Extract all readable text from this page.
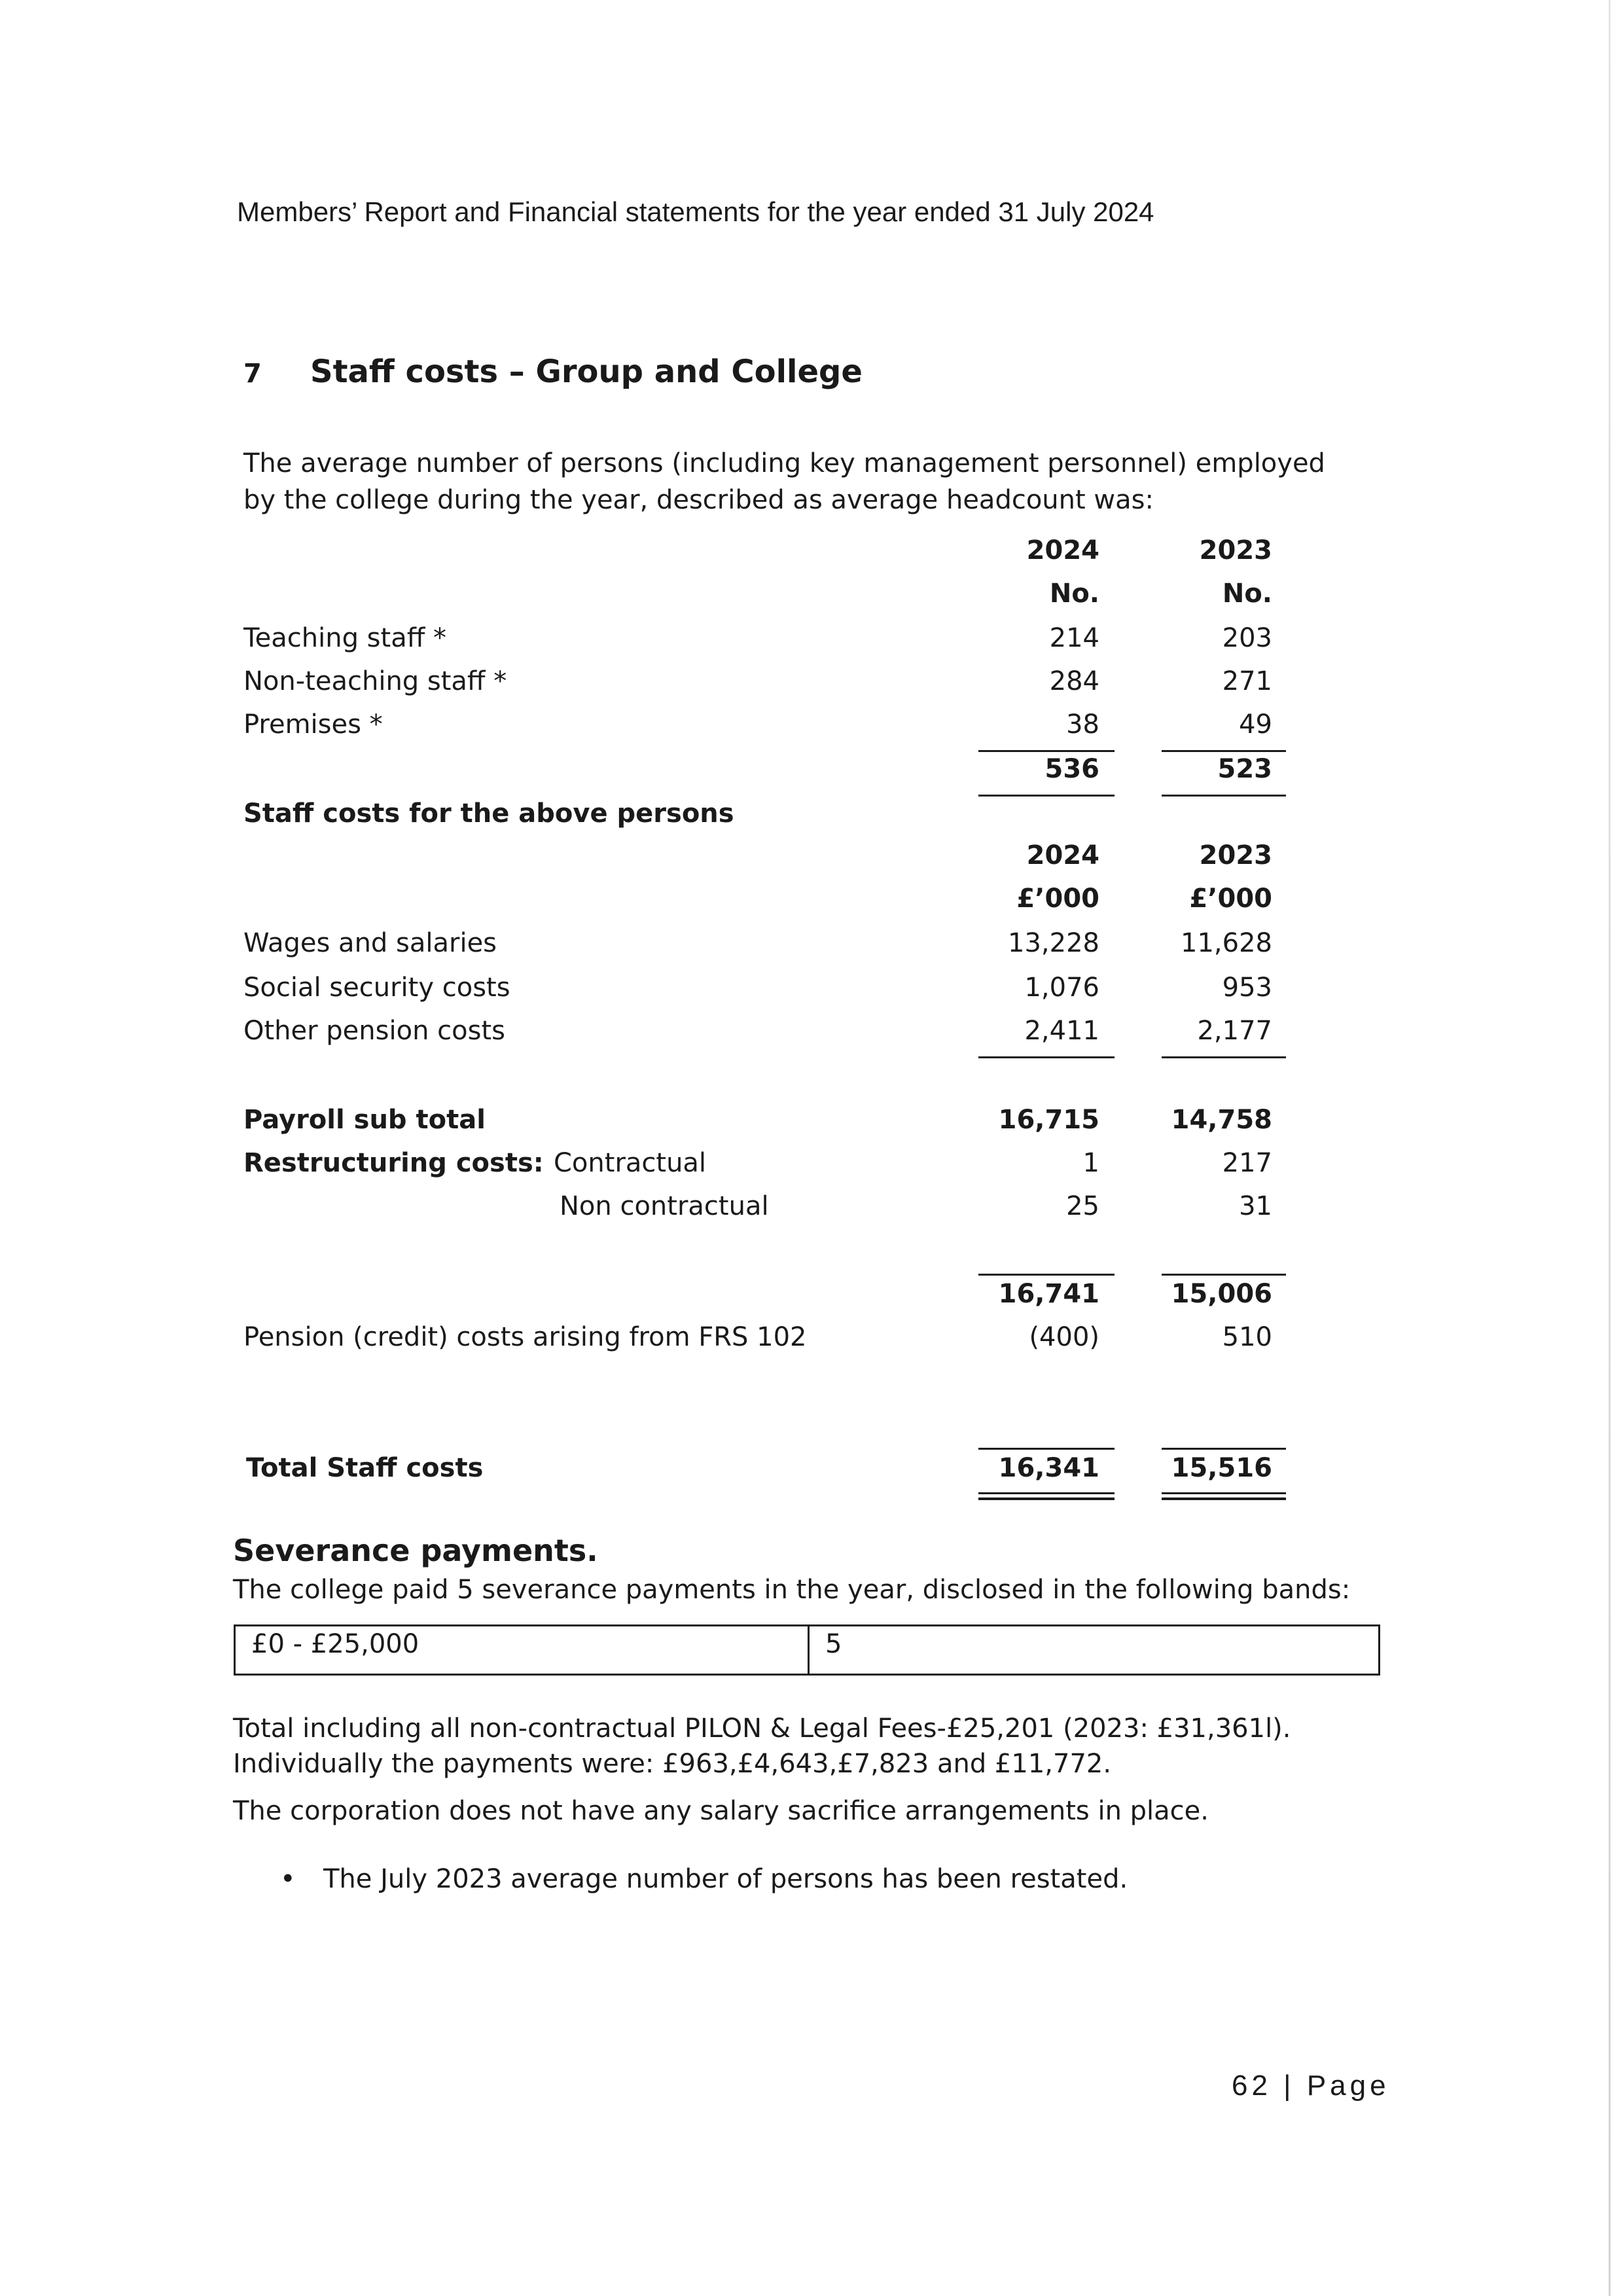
Members’ Report and Financial statements for the year ended 31 July 2024
7 Staff costs – Group and College
The average number of persons (including key management personnel) employed by the college during the year, described as average headcount was:
2024	2023
No.	No.
Teaching staff *	214	203
Non-teaching staff *	284	271
Premises *	38	49
536	523
Staff costs for the above persons
2024	2023
£’000	£’000
Wages and salaries	13,228	11,628
Social security costs	1,076	953
Other pension costs	2,411	2,177
Payroll sub total	16,715	14,758
Restructuring costs: Contractual	1	217
Non contractual	25	31
16,741	15,006
Pension (credit) costs arising from FRS 102	(400)	510
Total Staff costs	16,341	15,516
Severance payments.
The college paid 5 severance payments in the year, disclosed in the following bands:
£0 - £25,000	5
Total including all non-contractual PILON & Legal Fees-£25,201 (2023: £31,361l).
Individually the payments were: £963,£4,643,£7,823 and £11,772.
The corporation does not have any salary sacrifice arrangements in place.
• The July 2023 average number of persons has been restated.
62 | Page
